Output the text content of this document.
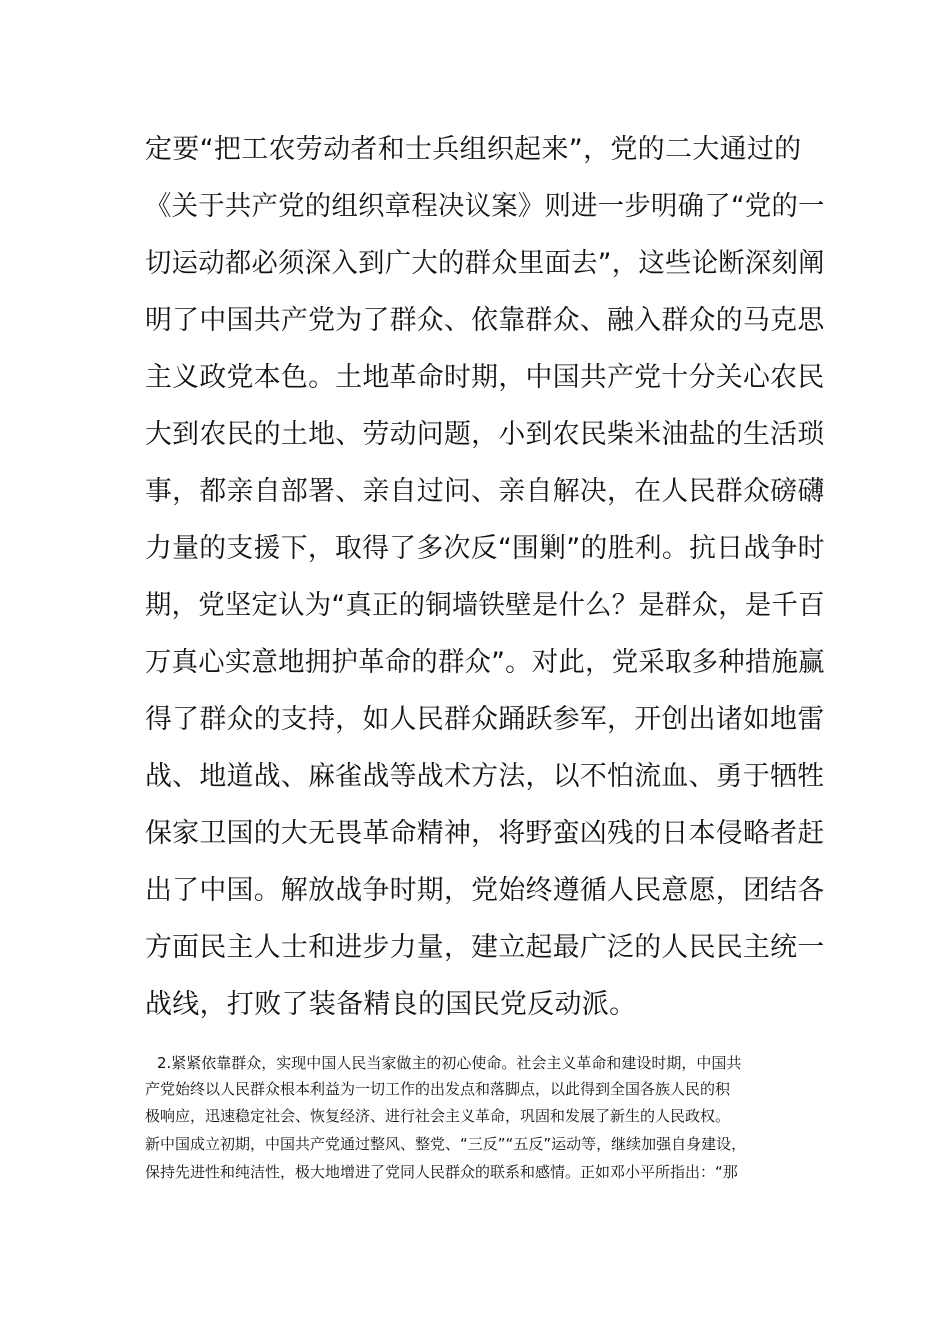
定要“把工农劳动者和士兵组织起来”，党的二大通过的
《关于共产党的组织章程决议案》则进一步明确了“党的一
切运动都必须深入到广大的群众里面去”，这些论断深刻阐
明了中国共产党为了群众、依靠群众、融入群众的马克思
主义政党本色。土地革命时期，中国共产党十分关心农民
大到农民的土地、劳动问题，小到农民柴米油盐的生活琐
事，都亲自部署、亲自过问、亲自解决，在人民群众磅礴
力量的支援下，取得了多次反“围剿”的胜利。抗日战争时
期，党坚定认为“真正的铜墙铁壁是什么？是群众，是千百
万真心实意地拥护革命的群众”。对此，党采取多种措施赢
得了群众的支持，如人民群众踊跃参军，开创出诸如地雷
战、地道战、麻雀战等战术方法，以不怕流血、勇于牺牲
保家卫国的大无畏革命精神，将野蛮凶残的日本侵略者赶
出了中国。解放战争时期，党始终遵循人民意愿，团结各
方面民主人士和进步力量，建立起最广泛的人民民主统一
战线，打败了装备精良的国民党反动派。
2.紧紧依靠群众，实现中国人民当家做主的初心使命。社会主义革命和建设时期，中国共
产党始终以人民群众根本利益为一切工作的出发点和落脚点，以此得到全国各族人民的积
极响应，迅速稳定社会、恢复经济、进行社会主义革命，巩固和发展了新生的人民政权。
新中国成立初期，中国共产党通过整风、整党、“三反”“五反”运动等，继续加强自身建设，
保持先进性和纯洁性，极大地增进了党同人民群众的联系和感情。正如邓小平所指出：“那
